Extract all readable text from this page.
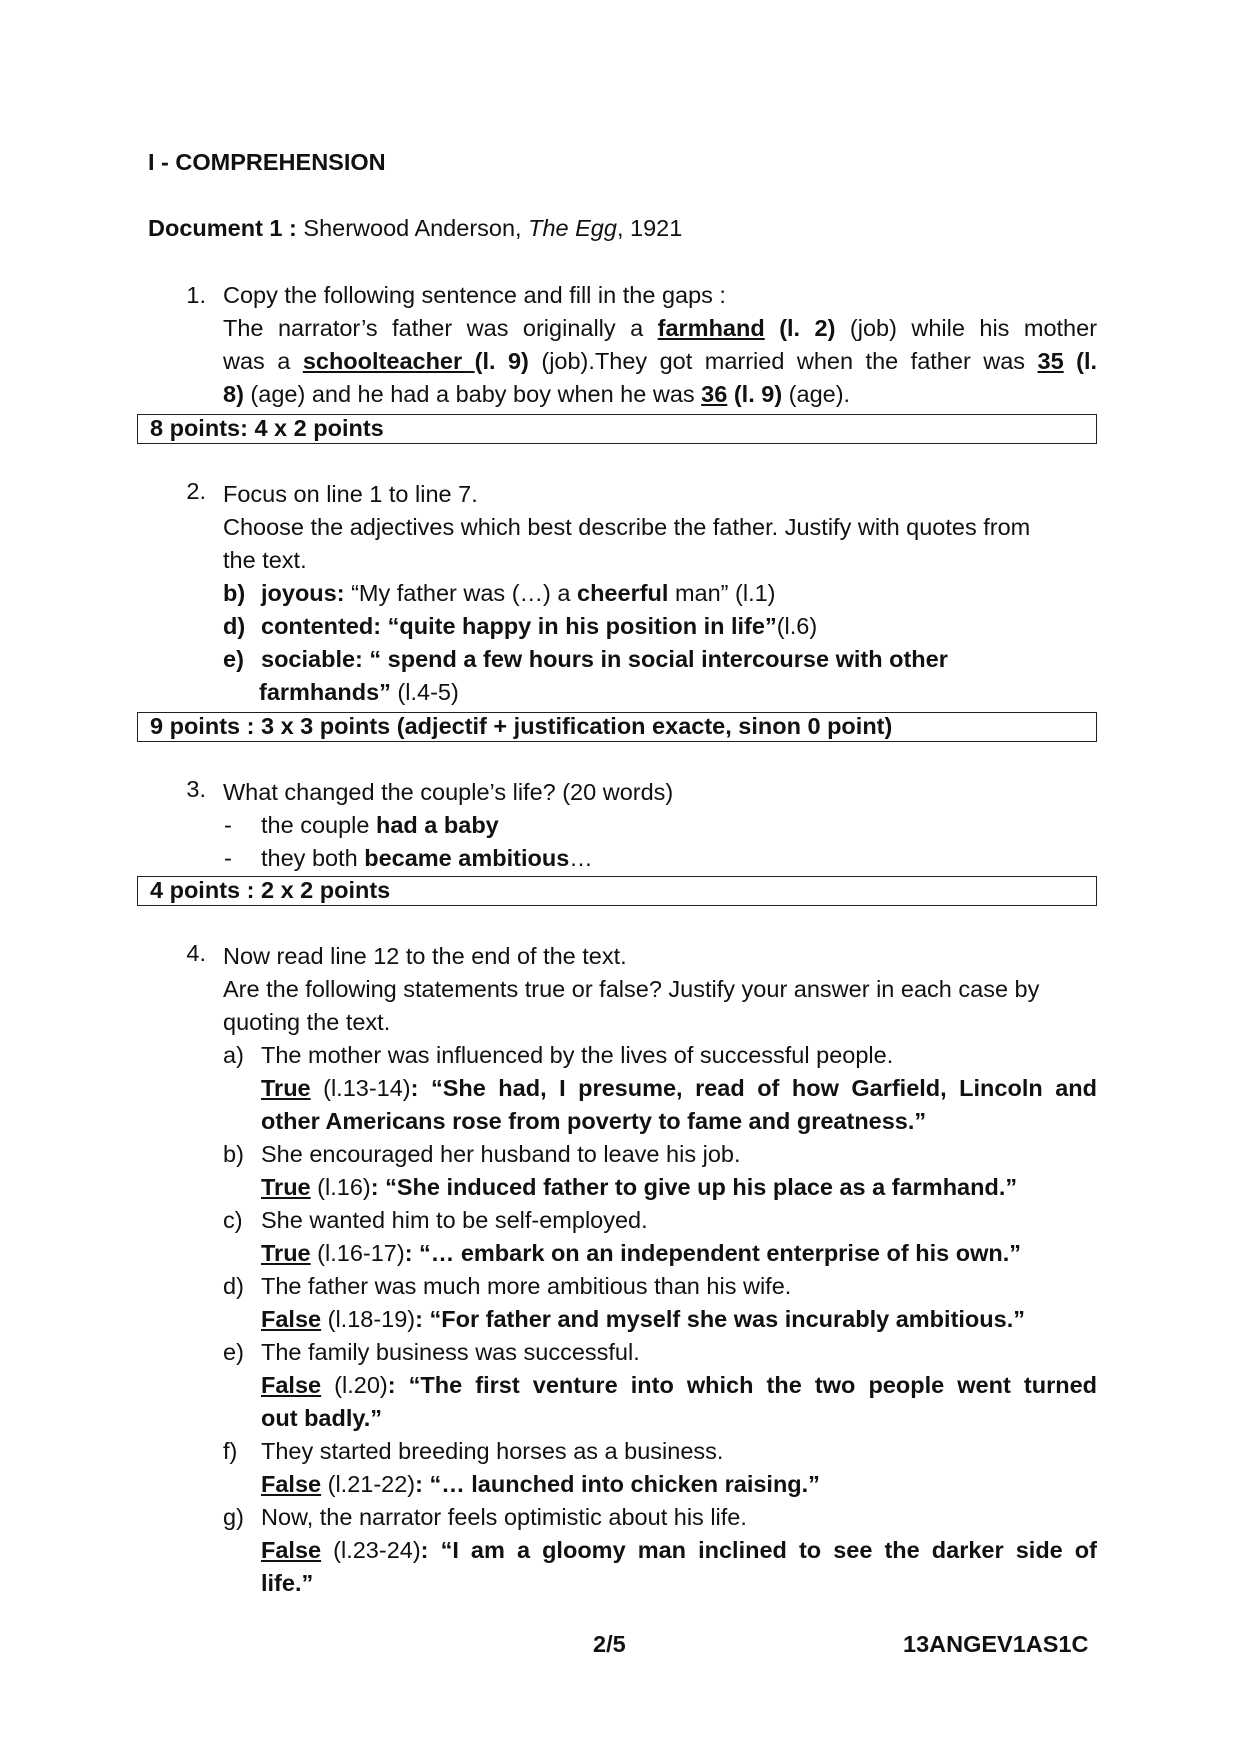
I - COMPREHENSION
Document 1 : Sherwood Anderson, The Egg, 1921
1. Copy the following sentence and fill in the gaps :
The narrator’s father was originally a farmhand (l. 2) (job) while his mother
was a schoolteacher (l. 9) (job).They got married when the father was 35 (l.
8) (age) and he had a baby boy when he was 36 (l. 9) (age).
8 points: 4 x 2 points
2. Focus on line 1 to line 7.
Choose the adjectives which best describe the father. Justify with quotes from
the text.
b) joyous: “My father was (…) a cheerful man” (l.1)
d) contented: “quite happy in his position in life”(l.6)
e) sociable: “ spend a few hours in social intercourse with other
farmhands” (l.4-5)
9 points : 3 x 3 points (adjectif + justification exacte, sinon 0 point)
3. What changed the couple’s life? (20 words)
- the couple had a baby
- they both became ambitious…
4 points : 2 x 2 points
4. Now read line 12 to the end of the text.
Are the following statements true or false? Justify your answer in each case by
quoting the text.
a) The mother was influenced by the lives of successful people.
True (l.13-14): “She had, I presume, read of how Garfield, Lincoln and
other Americans rose from poverty to fame and greatness.”
b) She encouraged her husband to leave his job.
True (l.16): “She induced father to give up his place as a farmhand.”
c) She wanted him to be self-employed.
True (l.16-17): “… embark on an independent enterprise of his own.”
d) The father was much more ambitious than his wife.
False (l.18-19): “For father and myself she was incurably ambitious.”
e) The family business was successful.
False (l.20): “The first venture into which the two people went turned
out badly.”
f) They started breeding horses as a business.
False (l.21-22): “… launched into chicken raising.”
g) Now, the narrator feels optimistic about his life.
False (l.23-24): “I am a gloomy man inclined to see the darker side of
life.”
2/5	13ANGEV1AS1C
